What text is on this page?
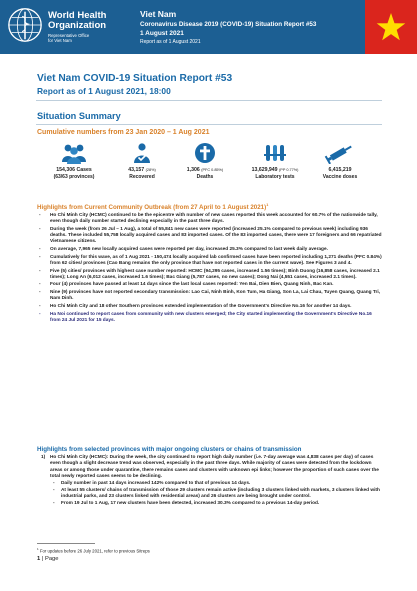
World Health
Organization
Representative Office
for Viet Nam
Viet Nam
Coronavirus Disease 2019 (COVID-19) Situation Report #53
1 August 2021
Report as of 1 August 2021
Viet Nam COVID-19 Situation Report #53
Report as of 1 August 2021, 18:00
Situation Summary
Cumulative numbers from 23 Jan 2020 – 1 Aug 2021
154,306 Cases
(63/63 provinces)
43,157 (28%)
Recovered
1,306 (PFC 0.85%)
Deaths
13,629,949 (PP 0.77%)
Laboratory tests
6,415,219
Vaccine doses
Highlights from Current Community Outbreak (from 27 April to 1 August 2021)$^1$
- Ho Chi Minh City (HCMC) continued to be the epicentre with number of new cases reported this week accounted for 60.7% of the nationwide tally, even though daily number started declining especially in the past three days.
- During the week (from 26 Jul – 1 Aug), a total of 55,841 new cases were reported (increased 25.1% compared to previous week) including 936 deaths. These included 55,758 locally acquired cases and 83 imported cases. Of the 83 imported cases, there were 17 foreigners and 66 repatriated Vietnamese citizens.
- On average, 7,965 new locally acquired cases were reported per day, increased 25.3% compared to last week daily average.
- Cumulatively for this wave, as of 1 Aug 2021 - 150,474 locally acquired lab confirmed cases have been reported including 1,271 deaths (PFC 0.84%) from 62 cities/ provinces (Cao Bang remains the only province that have not reported cases in the current wave). See Figures 3 and 4.
- Five (5) cities/ provinces with highest case number reported: HCMC (94,295 cases, increased 1.56 times); Binh Duong (16,858 cases, increased 2.1 times); Long An (6,012 cases, increased 1.6 times); Bac Giang (5,787 cases, no new cases); Dong Nai (4,551 cases, increased 2.1 times).
- Four (4) provinces have passed at least 14 days since the last local cases reported: Yen Bai, Dien Bien, Quang Ninh, Bac Kan.
- Nine (9) provinces have not reported secondary transmission: Lao Cai, Ninh Binh, Kon Tum, Ha Giang, Son La, Lai Chau, Tuyen Quang, Quang Tri, Nam Dinh.
- Ho Chi Minh City and 18 other Southern provinces extended implementation of the Government's Directive No.16 for another 14 days.
- Ha Noi continued to report cases from community with new clusters emerged; the City started implementing the Government's Directive No.16 from 24 Jul 2021 for 15 days.
Highlights from selected provinces with major ongoing clusters or chains of transmission
1) Ho Chi Minh City (HCMC): During the week, the city continued to report high daily number (i.e. 7-day average was 4,838 cases per day) of cases even though a slight decrease trend was observed, especially in the past three days. While majority of cases were detected from the lockdown areas or among those under quarantine, there remains cases and clusters with unknown epi links; however the proportion of such cases over the total newly reported cases seems to be declining.
- Daily number in past 14 days increased 142% compared to that of previous 14 days.
- At least 55 clusters/ chains of transmission of those 29 clusters remain active (including 3 clusters linked with markets, 3 clusters linked with industrial parks, and 23 clusters linked with residential areas) and 26 clusters are being brought under control.
- From 19 Jul to 1 Aug, 17 new clusters have been detected, increased 30.3% compared to a previous 14-day period.
$^1$ For updates before 26 July 2021, refer to previous Sitreps
1 | Page
